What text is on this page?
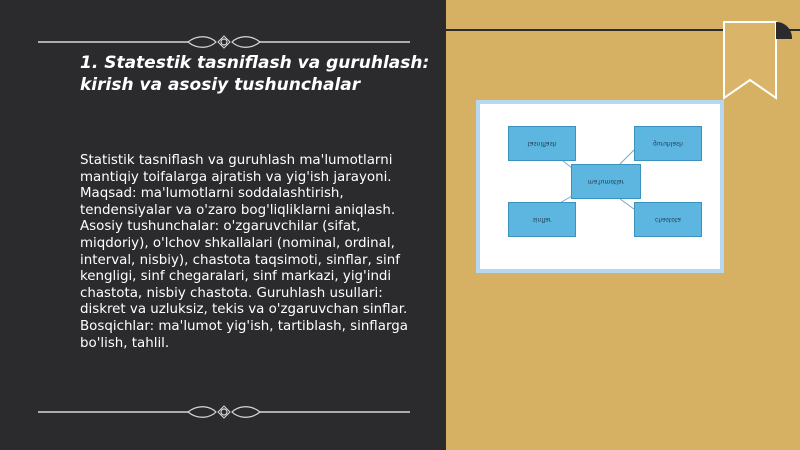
1. Statestik tasniflash va guruhlash: kirish va asosiy tushunchalar

Statistik tasniflash va guruhlash ma'lumotlarni mantiqiy toifalarga ajratish va yig'ish jarayoni. Maqsad: ma'lumotlarni soddalashtirish, tendensiyalar va o'zaro bog'liqliklarni aniqlash. Asosiy tushunchalar: o'zgaruvchilar (sifat, miqdoriy), o'lchov shkallalari (nominal, ordinal, interval, nisbiy), chastota taqsimoti, sinflar, sinf kengligi, sinf chegaralari, sinf markazi, yig'indi chastota, nisbiy chastota. Guruhlash usullari: diskret va uzluksiz, tekis va o'zgaruvchan sinflar. Bosqichlar: ma'lumot yig'ish, tartiblash, sinflarga bo'lish, tahlil.

tasniflash	guruhlash
ma'lumotlar
sinflar	chastota
